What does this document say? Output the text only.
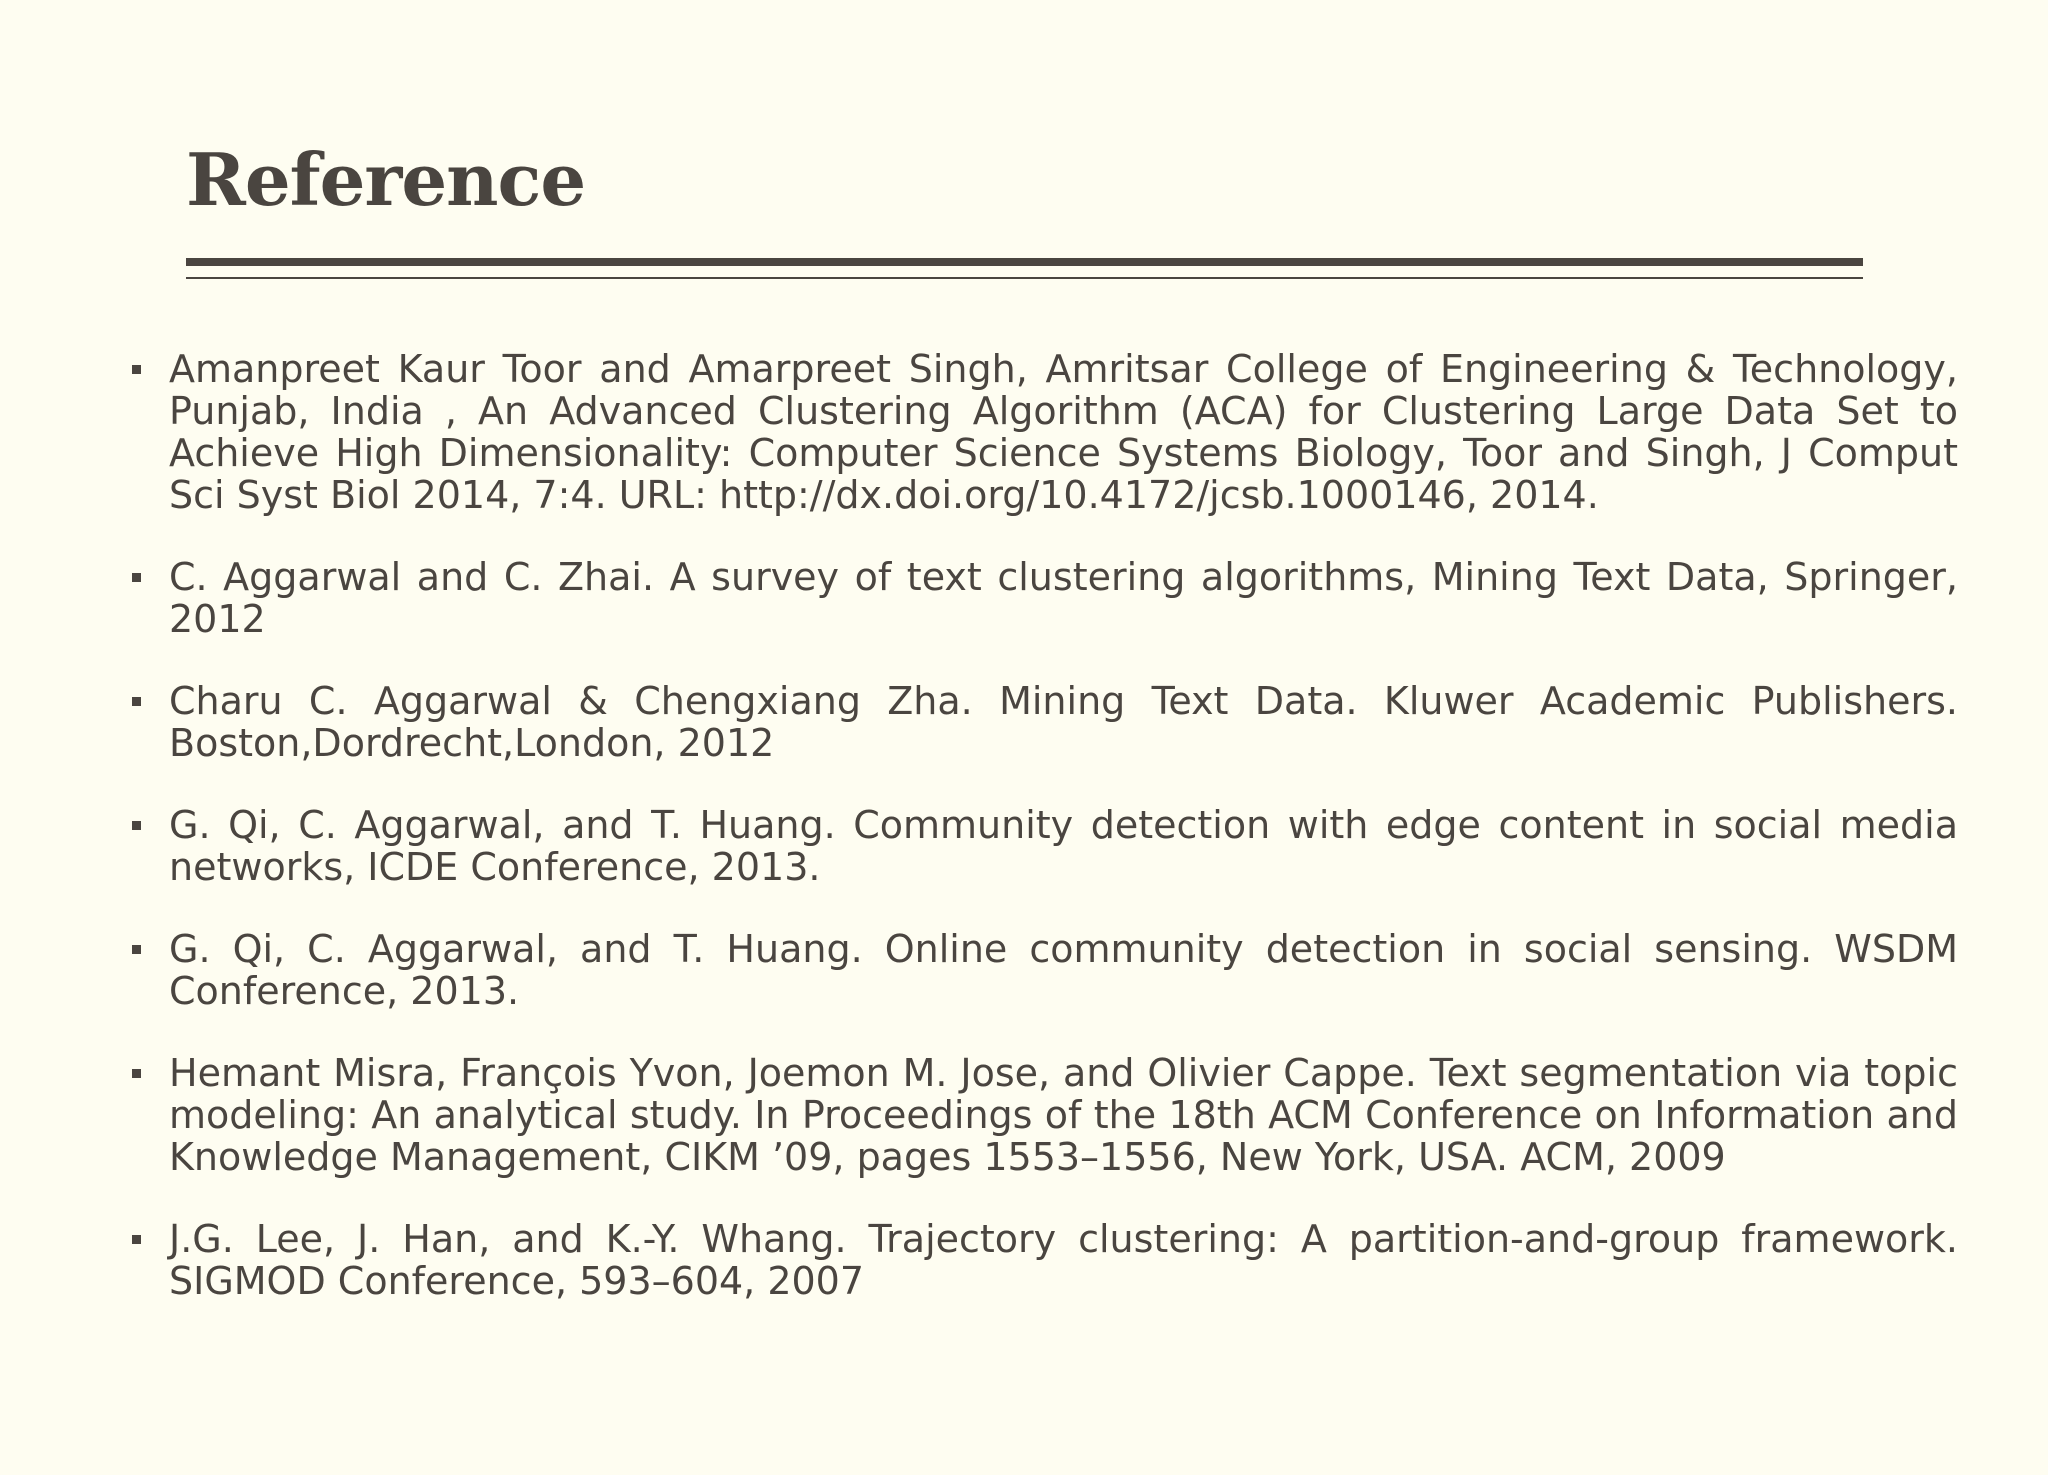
Reference
Amanpreet Kaur Toor and Amarpreet Singh, Amritsar College of Engineering & Technology, Punjab, India , An Advanced Clustering Algorithm (ACA) for Clustering Large Data Set to Achieve High Dimensionality: Computer Science Systems Biology, Toor and Singh, J Comput Sci Syst Biol 2014, 7:4. URL: http://dx.doi.org/10.4172/jcsb.1000146, 2014.
C. Aggarwal and C. Zhai. A survey of text clustering algorithms, Mining Text Data, Springer, 2012
Charu C. Aggarwal & Chengxiang Zha. Mining Text Data. Kluwer Academic Publishers. Boston,Dordrecht,London, 2012
G. Qi, C. Aggarwal, and T. Huang. Community detection with edge content in social media networks, ICDE Conference, 2013.
G. Qi, C. Aggarwal, and T. Huang. Online community detection in social sensing. WSDM Conference, 2013.
Hemant Misra, François Yvon, Joemon M. Jose, and Olivier Cappe. Text segmentation via topic modeling: An analytical study. In Proceedings of the 18th ACM Conference on Information and Knowledge Management, CIKM ’09, pages 1553–1556, New York, USA. ACM, 2009
J.G. Lee, J. Han, and K.-Y. Whang. Trajectory clustering: A partition-and-group framework. SIGMOD Conference, 593–604, 2007
